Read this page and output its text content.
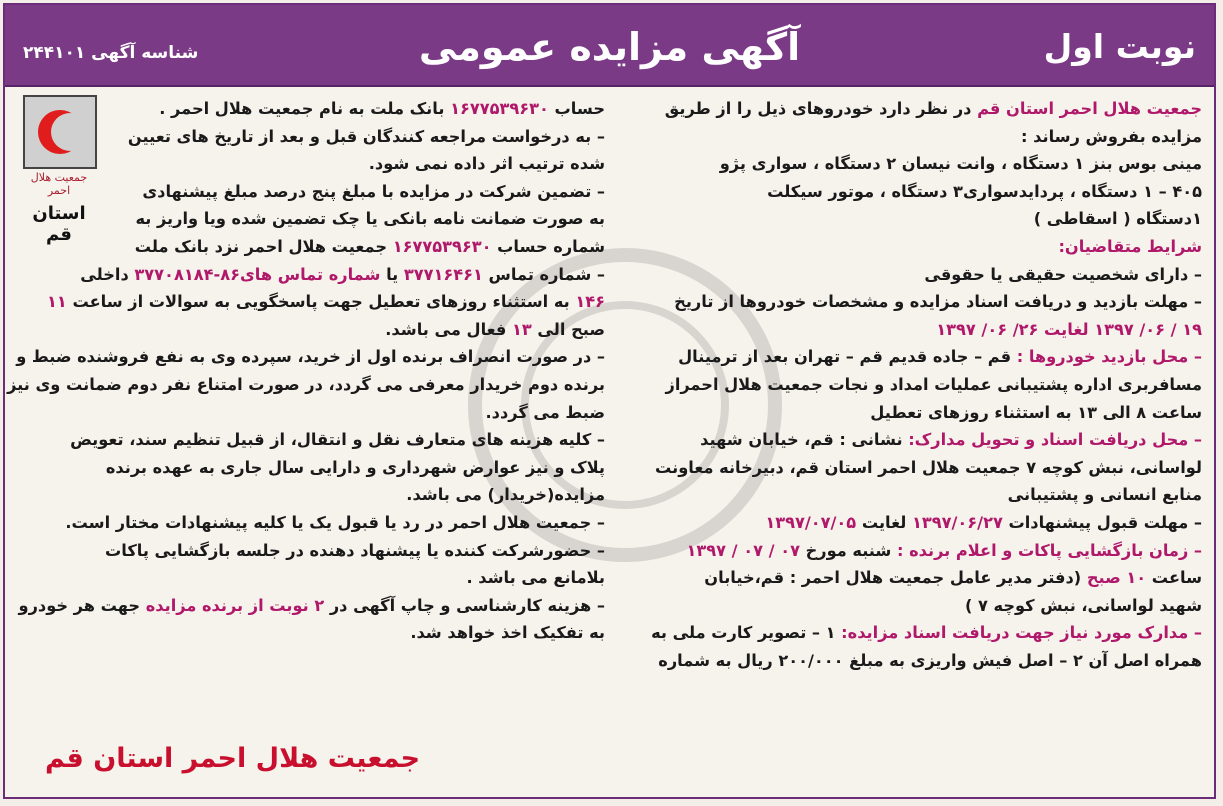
شناسه آگهی ۲۴۴۱۰۱	آگهی مزایده عمومی	نوبت اول
جمعیت هلال احمر استان قم در نظر دارد خودروهای ذیل را از طریق
مزایده بفروش رساند :
مینی بوس بنز ۱ دستگاه ، وانت نیسان ۲ دستگاه ، سواری پژو
۴۰۵ – ۱ دستگاه ، پردایدسواری۳ دستگاه ، موتور سیکلت
۱دستگاه ( اسقاطی )
شرایط متقاضیان:
– دارای شخصیت حقیقی یا حقوقی
– مهلت بازدید و دریافت اسناد مزایده و مشخصات خودروها از تاریخ
۱۹ / ۰۶/ ۱۳۹۷ لغایت ۲۶/ ۰۶/ ۱۳۹۷
– محل بازدید خودروها : قم – جاده قدیم قم – تهران بعد از ترمینال
مسافربری اداره پشتیبانی عملیات امداد و نجات جمعیت هلال احمراز
ساعت ۸ الی ۱۳ به استثناء روزهای تعطیل
– محل دریافت اسناد و تحویل مدارک: نشانی : قم، خیابان شهید
لواسانی، نبش کوچه ۷ جمعیت هلال احمر استان قم، دبیرخانه معاونت
منابع انسانی و پشتیبانی
– مهلت قبول پیشنهادات ۱۳۹۷/۰۶/۲۷ لغایت ۱۳۹۷/۰۷/۰۵
– زمان بازگشایی پاکات و اعلام برنده : شنبه مورخ ۰۷ / ۰۷ / ۱۳۹۷
ساعت ۱۰ صبح (دفتر مدیر عامل جمعیت هلال احمر : قم،خیابان
شهید لواسانی، نبش کوچه ۷ )
– مدارک مورد نیاز جهت دریافت اسناد مزایده: ۱ – تصویر کارت ملی به
همراه اصل آن ۲ – اصل فیش واریزی به مبلغ ۲۰۰/۰۰۰ ریال به شماره
حساب ۱۶۷۷۵۳۹۶۳۰ بانک ملت به نام جمعیت هلال احمر .
– به درخواست مراجعه کنندگان قبل و بعد از تاریخ های تعیین
شده ترتیب اثر داده نمی شود.
– تضمین شرکت در مزایده با مبلغ پنج درصد مبلغ پیشنهادی
به صورت ضمانت نامه بانکی یا چک تضمین شده ویا واریز به
شماره حساب ۱۶۷۷۵۳۹۶۳۰ جمعیت هلال احمر نزد بانک ملت
– شماره تماس ۳۷۷۱۶۴۶۱ یا شماره تماس های۸۶-۳۷۷۰۸۱۸۴ داخلی
۱۴۶ به استثناء روزهای تعطیل جهت پاسخگویی به سوالات از ساعت ۱۱
صبح الی ۱۳ فعال می باشد.
– در صورت انصراف برنده اول از خرید، سپرده وی به نفع فروشنده ضبط و
برنده دوم خریدار معرفی می گردد، در صورت امتناع نفر دوم ضمانت وی نیز
ضبط می گردد.
– کلیه هزینه های متعارف نقل و انتقال، از قبیل تنظیم سند، تعویض
پلاک و نیز عوارض شهرداری و دارایی سال جاری به عهده برنده
مزایده(خریدار) می باشد.
– جمعیت هلال احمر در رد یا قبول یک یا کلیه پیشنهادات مختار است.
– حضورشرکت کننده یا پیشنهاد دهنده در جلسه بازگشایی پاکات
بلامانع می باشد .
– هزینه کارشناسی و چاپ آگهی در ۲ نوبت از برنده مزایده جهت هر خودرو
به تفکیک اخذ خواهد شد.
جمعیت هلال احمر
استان قم
جمعیت هلال احمر استان قم
